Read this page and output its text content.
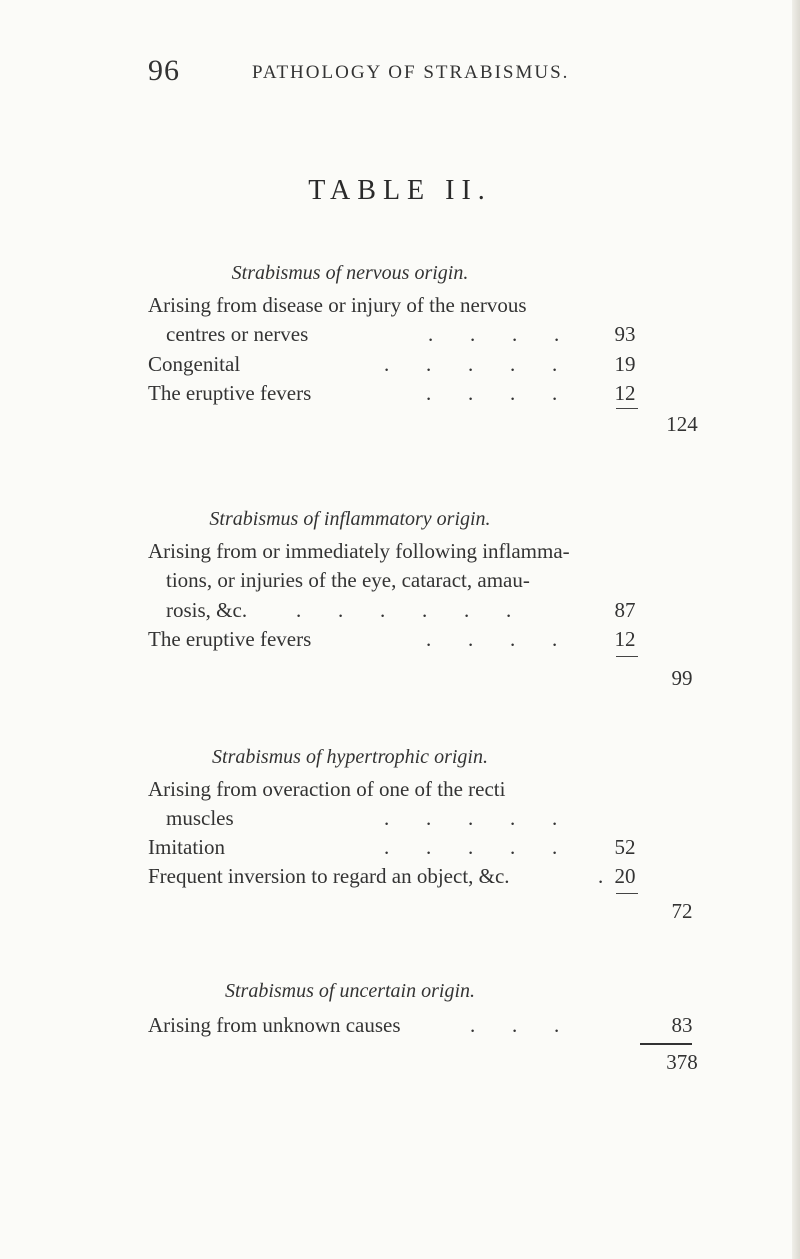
96	PATHOLOGY OF STRABISMUS.
TABLE II.
Strabismus of nervous origin.
Arising from disease or injury of the nervous
centres or nerves	.       .       .       .	93
Congenital	.       .       .       .       .	19
The eruptive fevers	.       .       .       .	12
124
Strabismus of inflammatory origin.
Arising from or immediately following inflamma-
tions, or injuries of the eye, cataract, amau-
rosis, &c. .       .       .       .       .       .	87
The eruptive fevers	.       .       .       .	12
99
Strabismus of hypertrophic origin.
Arising from overaction of one of the recti
muscles	.       .       .       .       .
Imitation	.       .       .       .       .	52
Frequent inversion to regard an object, &c.	. 20
72
Strabismus of uncertain origin.
Arising from unknown causes	.       .       .	83
378
